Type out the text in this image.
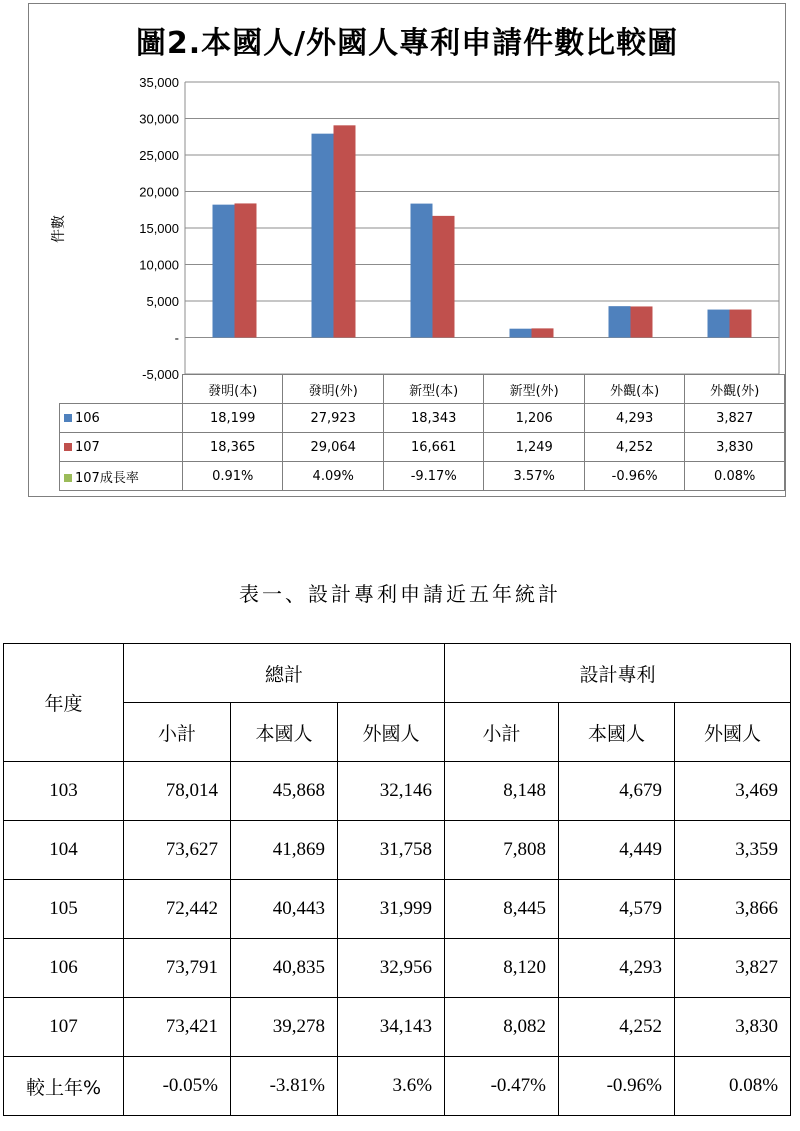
35,000
30,000
25,000
20,000
15,000
10,000
5,000
-
-5,000
件數
圖2.本國人/外國人專利申請件數比較圖
	發明(本)	發明(外)	新型(本)	新型(外)	外觀(本)	外觀(外)
106	18,199	27,923	18,343	1,206	4,293	3,827
107	18,365	29,064	16,661	1,249	4,252	3,830
107成長率	0.91%	4.09%	-9.17%	3.57%	-0.96%	0.08%
表一、設計專利申請近五年統計
年度	總計			設計專利		
	小計	本國人	外國人	小計	本國人	外國人
103	78,014	45,868	32,146	8,148	4,679	3,469
104	73,627	41,869	31,758	7,808	4,449	3,359
105	72,442	40,443	31,999	8,445	4,579	3,866
106	73,791	40,835	32,956	8,120	4,293	3,827
107	73,421	39,278	34,143	8,082	4,252	3,830
較上年%	-0.05%	-3.81%	3.6%	-0.47%	-0.96%	0.08%
